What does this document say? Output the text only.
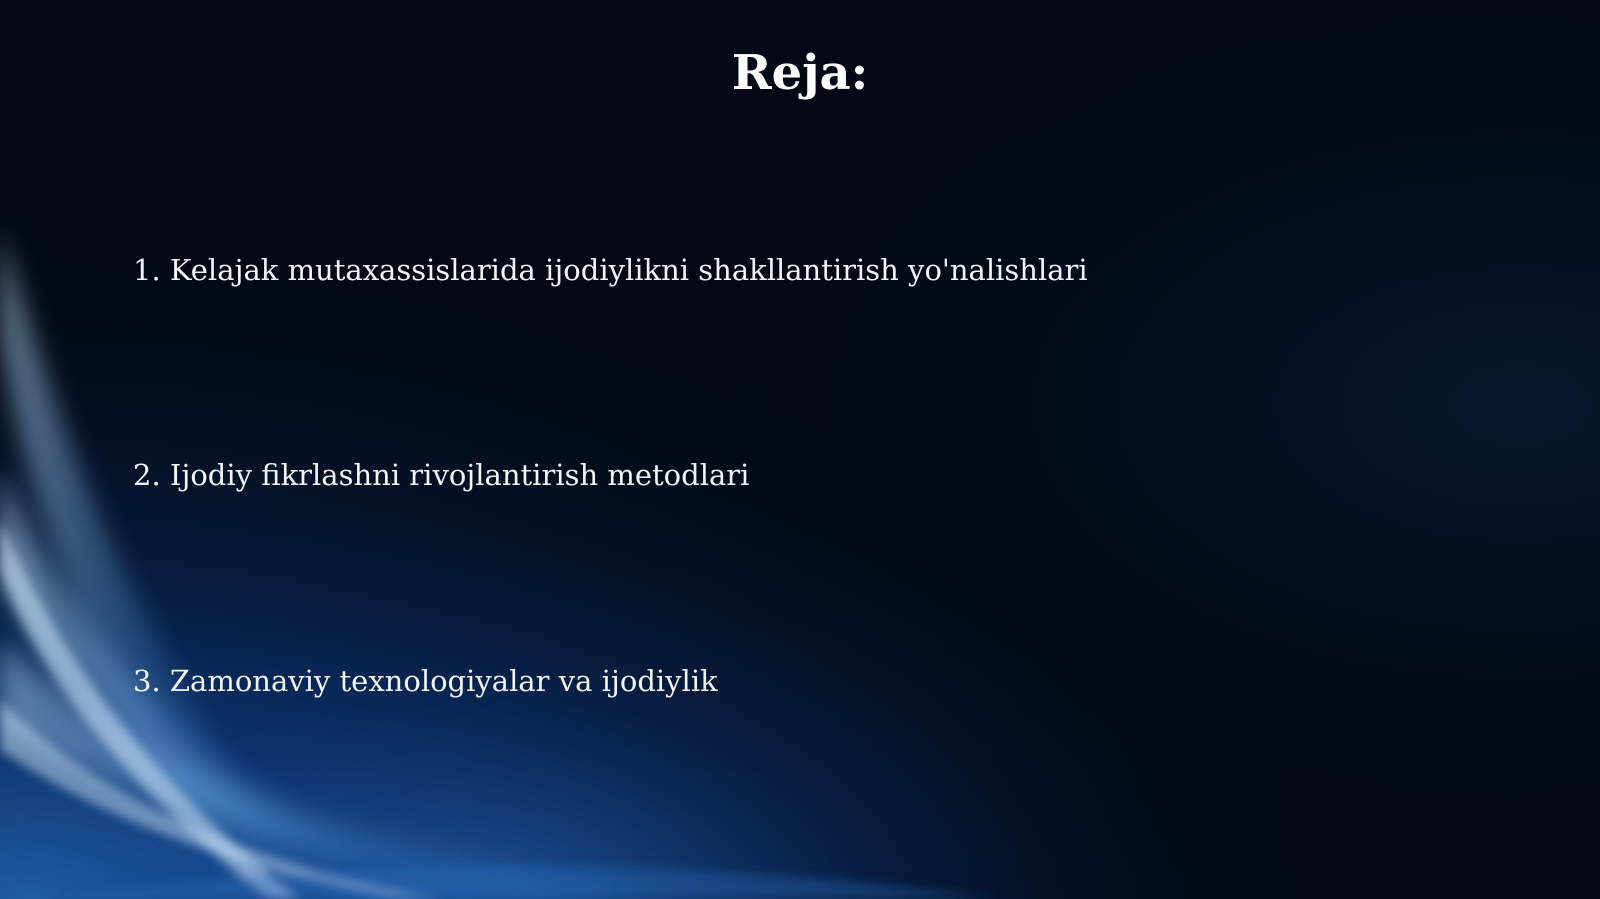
Reja:
1. Kelajak mutaxassislarida ijodiylikni shakllantirish yo'nalishlari
2. Ijodiy fikrlashni rivojlantirish metodlari
3. Zamonaviy texnologiyalar va ijodiylik
